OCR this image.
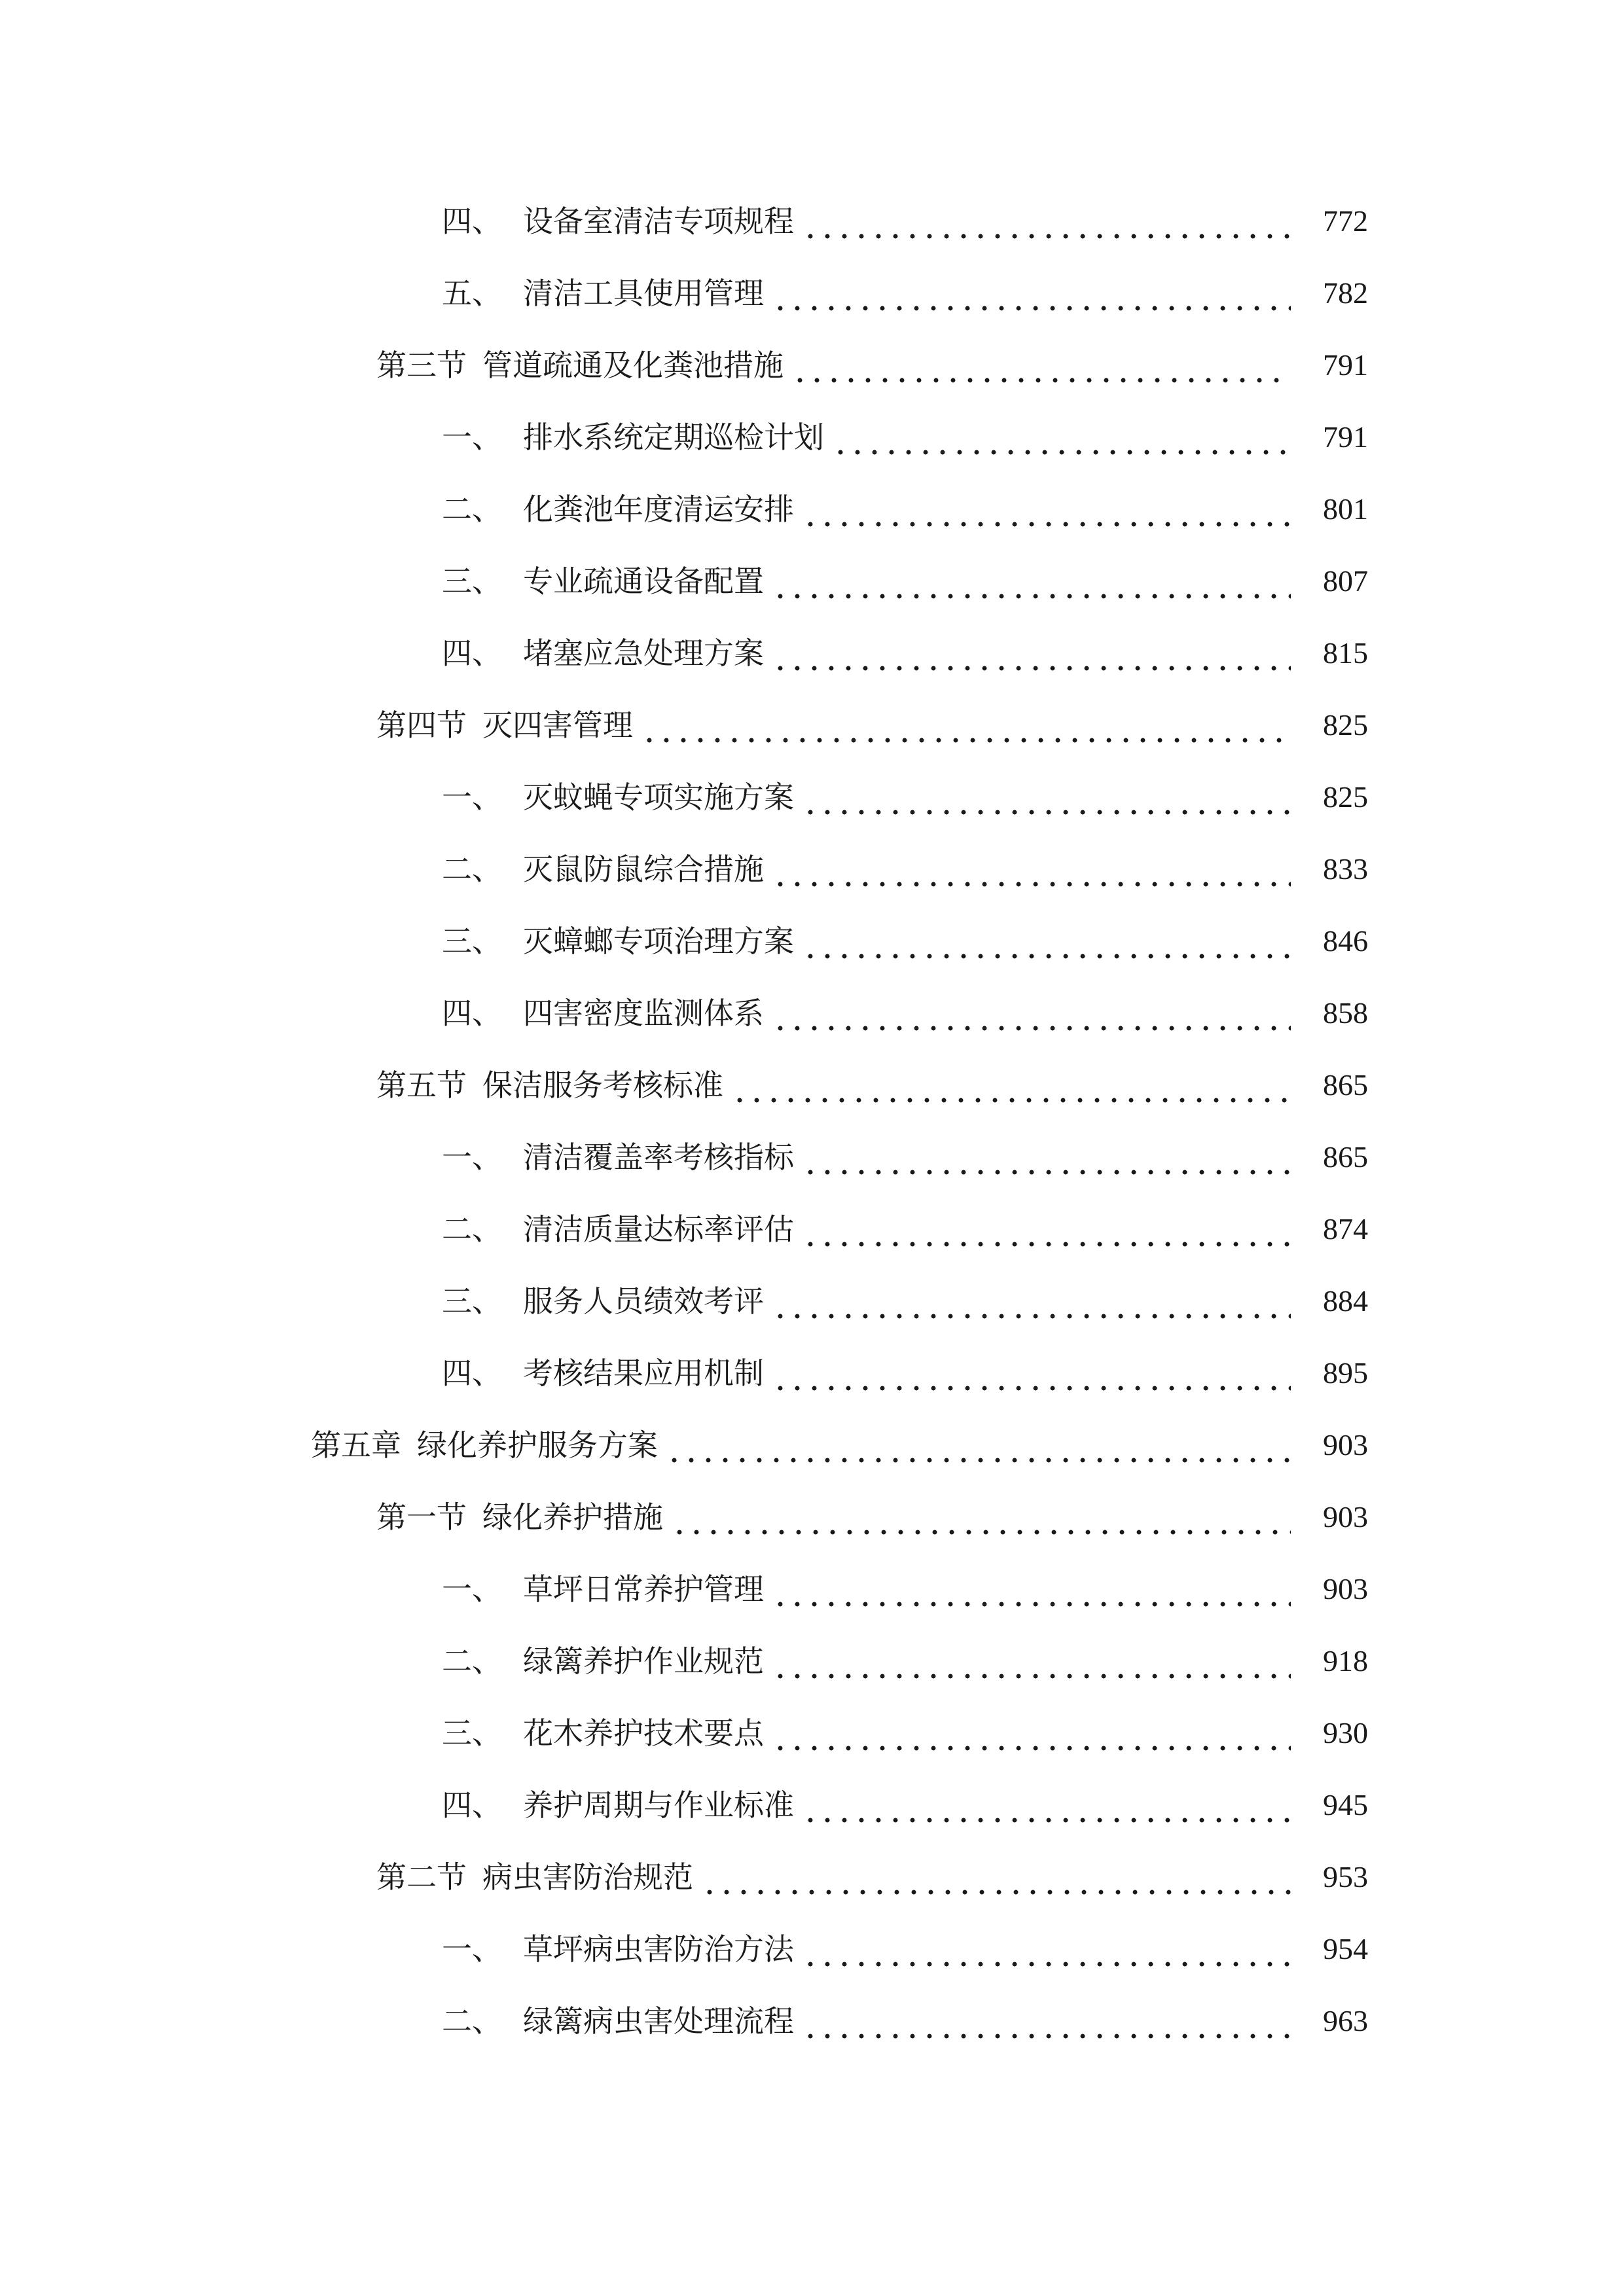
四、 设备室清洁专项规程	772
五、 清洁工具使用管理	782
第三节 管道疏通及化粪池措施	791
一、 排水系统定期巡检计划	791
二、 化粪池年度清运安排	801
三、 专业疏通设备配置	807
四、 堵塞应急处理方案	815
第四节 灭四害管理	825
一、 灭蚊蝇专项实施方案	825
二、 灭鼠防鼠综合措施	833
三、 灭蟑螂专项治理方案	846
四、 四害密度监测体系	858
第五节 保洁服务考核标准	865
一、 清洁覆盖率考核指标	865
二、 清洁质量达标率评估	874
三、 服务人员绩效考评	884
四、 考核结果应用机制	895
第五章 绿化养护服务方案	903
第一节 绿化养护措施	903
一、 草坪日常养护管理	903
二、 绿篱养护作业规范	918
三、 花木养护技术要点	930
四、 养护周期与作业标准	945
第二节 病虫害防治规范	953
一、 草坪病虫害防治方法	954
二、 绿篱病虫害处理流程	963
